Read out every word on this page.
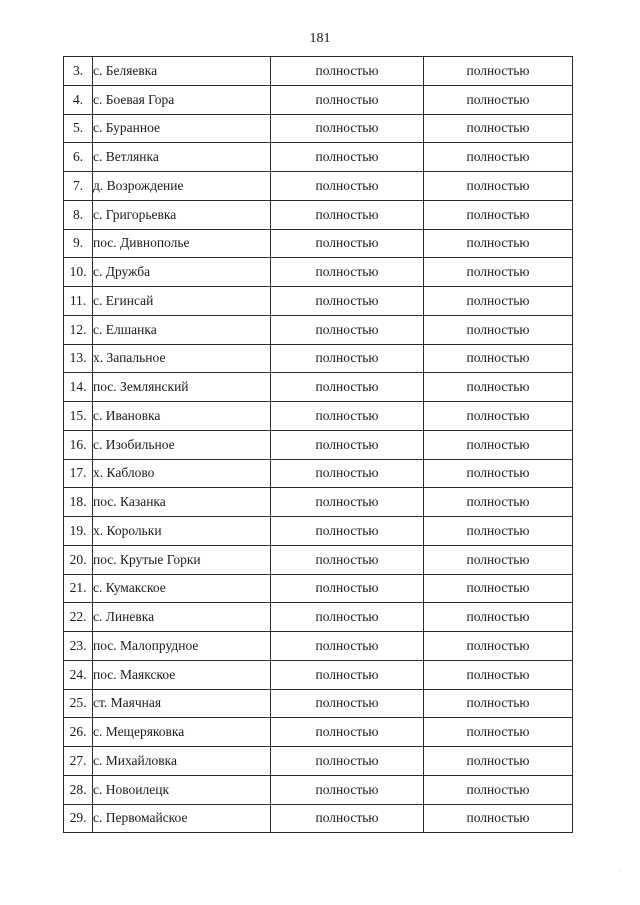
181
3.	с. Беляевка	полностью	полностью
4.	с. Боевая Гора	полностью	полностью
5.	с. Буранное	полностью	полностью
6.	с. Ветлянка	полностью	полностью
7.	д. Возрождение	полностью	полностью
8.	с. Григорьевка	полностью	полностью
9.	пос. Дивнополье	полностью	полностью
10.	с. Дружба	полностью	полностью
11.	с. Егинсай	полностью	полностью
12.	с. Елшанка	полностью	полностью
13.	х. Запальное	полностью	полностью
14.	пос. Землянский	полностью	полностью
15.	с. Ивановка	полностью	полностью
16.	с. Изобильное	полностью	полностью
17.	х. Каблово	полностью	полностью
18.	пос. Казанка	полностью	полностью
19.	х. Корольки	полностью	полностью
20.	пос. Крутые Горки	полностью	полностью
21.	с. Кумакское	полностью	полностью
22.	с. Линевка	полностью	полностью
23.	пос. Малопрудное	полностью	полностью
24.	пос. Маякское	полностью	полностью
25.	ст. Маячная	полностью	полностью
26.	с. Мещеряковка	полностью	полностью
27.	с. Михайловка	полностью	полностью
28.	с. Новоилецк	полностью	полностью
29.	с. Первомайское	полностью	полностью
·
